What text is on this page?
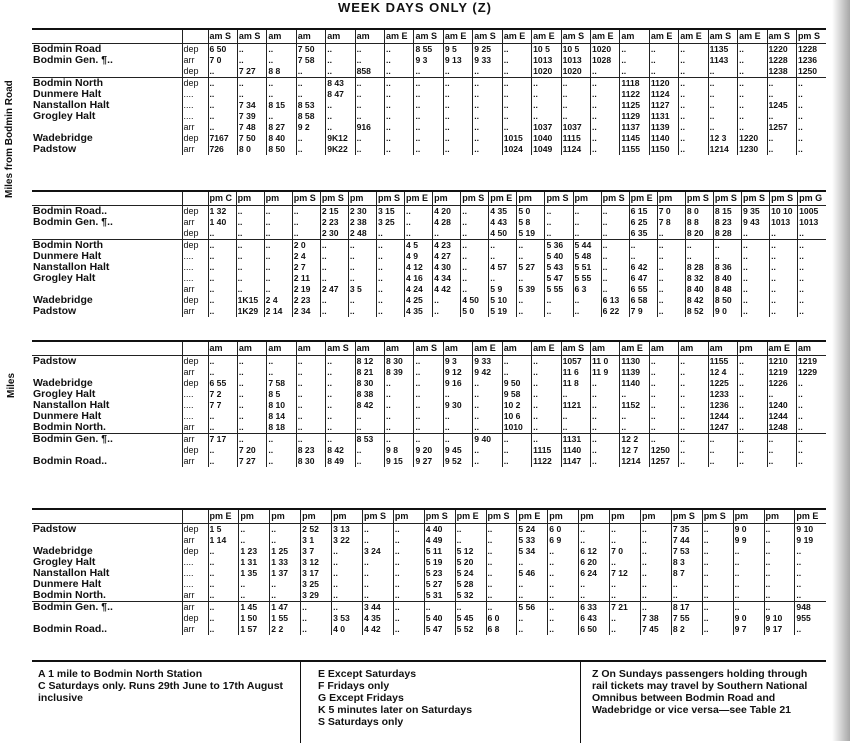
WEEK DAYS ONLY (Z)
Miles from Bodmin Road
Miles
		am S	am S	am	am	am	am	am E	am S	am E	am S	am E	am E	am S	am E	am	am E	am E	am S	am E	am S	pm S
Bodmin Road	dep	6 50	..	..	7 50	..	..	..	8 55	9 5	9 25	..	10 5	10 5	1020	..	..	..	1135	..	1220	1228
Bodmin Gen. ¶..	arr	7 0	..	..	7 58	..	..	..	9 3	9 13	9 33	..	1013	1013	1028	..	..	..	1143	..	1228	1236
	dep	..	7 27	8 8	..	..	858	..	..	..	..	..	1020	1020	..	..	..	..	..	..	1238	1250
Bodmin North	dep	..	..	..	..	8 43	..	..	..	..	..	..	..	..	..	1118	1120	..	..	..	..	..
Dunmere Halt	....	..	..	..	..	8 47	..	..	..	..	..	..	..	..	..	1122	1124	..	..	..	..	..
Nanstallon Halt	....	..	7 34	8 15	8 53	..	..	..	..	..	..	..	..	..	..	1125	1127	..	..	..	1245	..
Grogley Halt	....	..	7 39	..	8 58	..	..	..	..	..	..	..	..	..	..	1129	1131	..	..	..	..	..
	arr	..	7 48	8 27	9 2	..	916	..	..	..	..	..	1037	1037	..	1137	1139	..	..	..	1257	..
Wadebridge	dep	7167	7 50	8 40	..	9K12	..	..	..	..	..	1015	1040	1115	..	1145	1140	..	12 3	1220	..	..
Padstow	arr	726	8 0	8 50	..	9K22	..	..	..	..	..	1024	1049	1124	..	1155	1150	..	1214	1230	..	..
		pm C	pm	pm	pm S	pm S	pm	pm S	pm E	pm	pm S	pm E	pm	pm S	pm	pm S	pm E	pm	pm S	pm S	pm S	pm S	pm G
Bodmin Road..	dep	1 32	..	..	..	2 15	2 30	3 15	..	4 20	..	4 35	5 0	..	..	..	6 15	7 0	8 0	8 15	9 35	10 10	1005
Bodmin Gen. ¶..	arr	1 40	..	..	..	2 23	2 38	3 25	..	4 28	..	4 43	5 8	..	..	..	6 25	7 8	8 8	8 23	9 43	1013	1013
	dep	..	..	..	..	2 30	2 48	..	..	..	..	4 50	5 19	..	..	..	6 35	..	8 20	8 28	..	..	..
Bodmin North	dep	..	..	..	2 0	..	..	..	4 5	4 23	..	..	..	5 36	5 44	..	..	..	..	..	..	..	..
Dunmere Halt	....	..	..	..	2 4	..	..	..	4 9	4 27	..	..	..	5 40	5 48	..	..	..	..	..	..	..	..
Nanstallon Halt	....	..	..	..	2 7	..	..	..	4 12	4 30	..	4 57	5 27	5 43	5 51	..	6 42	..	8 28	8 36	..	..	..
Grogley Halt	....	..	..	..	2 11	..	..	..	4 16	4 34	..	..	..	5 47	5 55	..	6 47	..	8 32	8 40	..	..	..
	arr	..	..	..	2 19	2 47	3 5	..	4 24	4 42	..	5 9	5 39	5 55	6 3	..	6 55	..	8 40	8 48	..	..	..
Wadebridge	dep	..	1K15	2 4	2 23	..	..	..	4 25	..	4 50	5 10	..	..	..	6 13	6 58	..	8 42	8 50	..	..	..
Padstow	arr	..	1K29	2 14	2 34	..	..	..	4 35	..	5 0	5 19	..	..	..	6 22	7 9	..	8 52	9 0	..	..	..
		am	am	am	am	am S	am	am	am S	am	am E	am	am E	am S	am	am E	am	am	am	pm	am E	am
Padstow	dep	..	..	..	..	..	8 12	8 30	..	9 3	9 33	..	..	1057	11 0	1130	..	..	1155	..	1210	1219
	arr	..	..	..	..	..	8 21	8 39	..	9 12	9 42	..	..	11 6	11 9	1139	..	..	12 4	..	1219	1229
Wadebridge	dep	6 55	..	7 58	..	..	8 30	..	..	9 16	..	9 50	..	11 8	..	1140	..	..	1225	..	1226	..
Grogley Halt	....	7 2	..	8 5	..	..	8 38	..	..	..	..	9 58	..	..	..	..	..	..	1233	..	..	..
Nanstallon Halt	....	7 7	..	8 10	..	..	8 42	..	..	9 30	..	10 2	..	1121	..	1152	..	..	1236	..	1240	..
Dunmere Halt	....	..	..	8 14	..	..	..	..	..	..	..	10 6	..	..	..	..	..	..	1244	..	1244	..
Bodmin North.	arr	..	..	8 18	..	..	..	..	..	..	..	1010	..	..	..	..	..	..	1247	..	1248	..
Bodmin Gen. ¶..	arr	7 17	..	..	..	..	8 53	..	..	..	9 40	..	..	1131	..	12 2	..	..	..	..	..	..
	dep	..	7 20	..	8 23	8 42	..	9 8	9 20	9 45	..	..	1115	1140	..	12 7	1250	..	..	..	..	..
Bodmin Road..	arr	..	7 27	..	8 30	8 49	..	9 15	9 27	9 52	..	..	1122	1147	..	1214	1257	..	..	..	..	..
		pm E	pm	pm	pm	pm	pm S	pm	pm S	pm E	pm S	pm E	pm	pm	pm	pm	pm S	pm S	pm	pm	pm E
Padstow	dep	1 5	..	..	2 52	3 13	..	..	4 40	..	..	5 24	6 0	..	..	..	7 35	..	9 0	..	9 10
	arr	1 14	..	..	3 1	3 22	..	..	4 49	..	..	5 33	6 9	..	..	..	7 44	..	9 9	..	9 19
Wadebridge	dep	..	1 23	1 25	3 7	..	3 24	..	5 11	5 12	..	5 34	..	6 12	7 0	..	7 53	..	..	..	..
Grogley Halt	....	..	1 31	1 33	3 12	..	..	..	5 19	5 20	..	..	..	6 20	..	..	8 3	..	..	..	..
Nanstallon Halt	....	..	1 35	1 37	3 17	..	..	..	5 23	5 24	..	5 46	..	6 24	7 12	..	8 7	..	..	..	..
Dunmere Halt	....	..	..	..	3 25	..	..	..	5 27	5 28	..	..	..	..	..	..	..	..	..	..	..
Bodmin North.	arr	..	..	..	3 29	..	..	..	5 31	5 32	..	..	..	..	..	..	..	..	..	..	..
Bodmin Gen. ¶..	arr	..	1 45	1 47	..	..	3 44	..	..	..	..	5 56	..	6 33	7 21	..	8 17	..	..	..	948
	dep	..	1 50	1 55	..	3 53	4 35	..	5 40	5 45	6 0	..	..	6 43	..	7 38	7 55	..	9 0	9 10	955
Bodmin Road..	arr	..	1 57	2 2	..	4 0	4 42	..	5 47	5 52	6 8	..	..	6 50	..	7 45	8 2	..	9 7	9 17	..
A 1 mile to Bodmin North Station
C Saturdays only. Runs 29th June to 17th August inclusive
E Except Saturdays
F Fridays only
G Except Fridays
K 5 minutes later on Saturdays
S Saturdays only
Z On Sundays passengers holding through rail tickets may travel by Southern National Omnibus between Bodmin Road and Wadebridge or vice versa—see Table 21
